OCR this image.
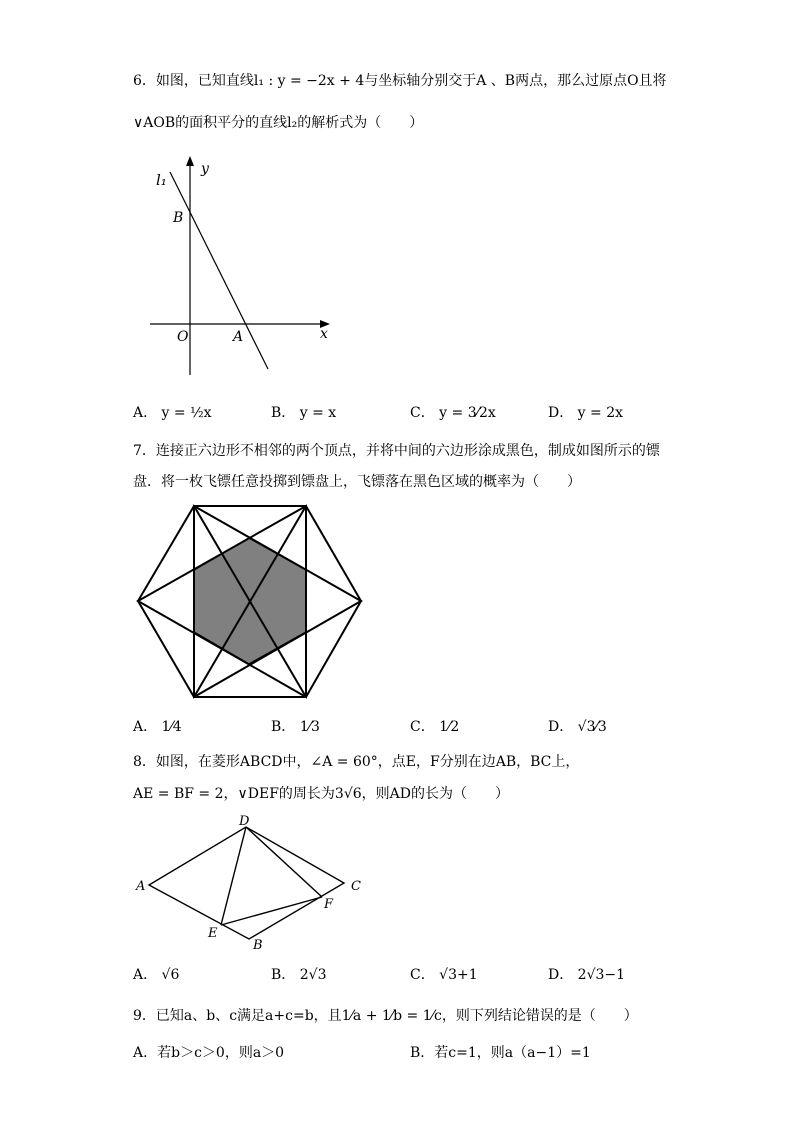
6．如图，已知直线l₁ : y = −2x + 4与坐标轴分别交于A 、B两点，那么过原点O且将
∨AOB的面积平分的直线l₂的解析式为（　　）
l₁
y
B
O	A	x
A． y = ½x	B． y = x	C． y = 3⁄2x	D． y = 2x
7．连接正六边形不相邻的两个顶点，并将中间的六边形涂成黑色，制成如图所示的镖
盘．将一枚飞镖任意投掷到镖盘上，飞镖落在黑色区域的概率为（　　）
A． 1⁄4	B． 1⁄3	C． 1⁄2	D． √3⁄3
8．如图，在菱形ABCD中，∠A = 60°，点E，F分别在边AB，BC上，
AE = BF = 2，∨DEF的周长为3√6，则AD的长为（　　）
D
A	C
F
E
B
A． √6	B． 2√3	C． √3+1	D． 2√3−1
9．已知a、b、c满足a+c=b，且1⁄a + 1⁄b = 1⁄c，则下列结论错误的是（　　）
A．若b＞c＞0，则a＞0	B．若c=1，则a（a−1）=1
